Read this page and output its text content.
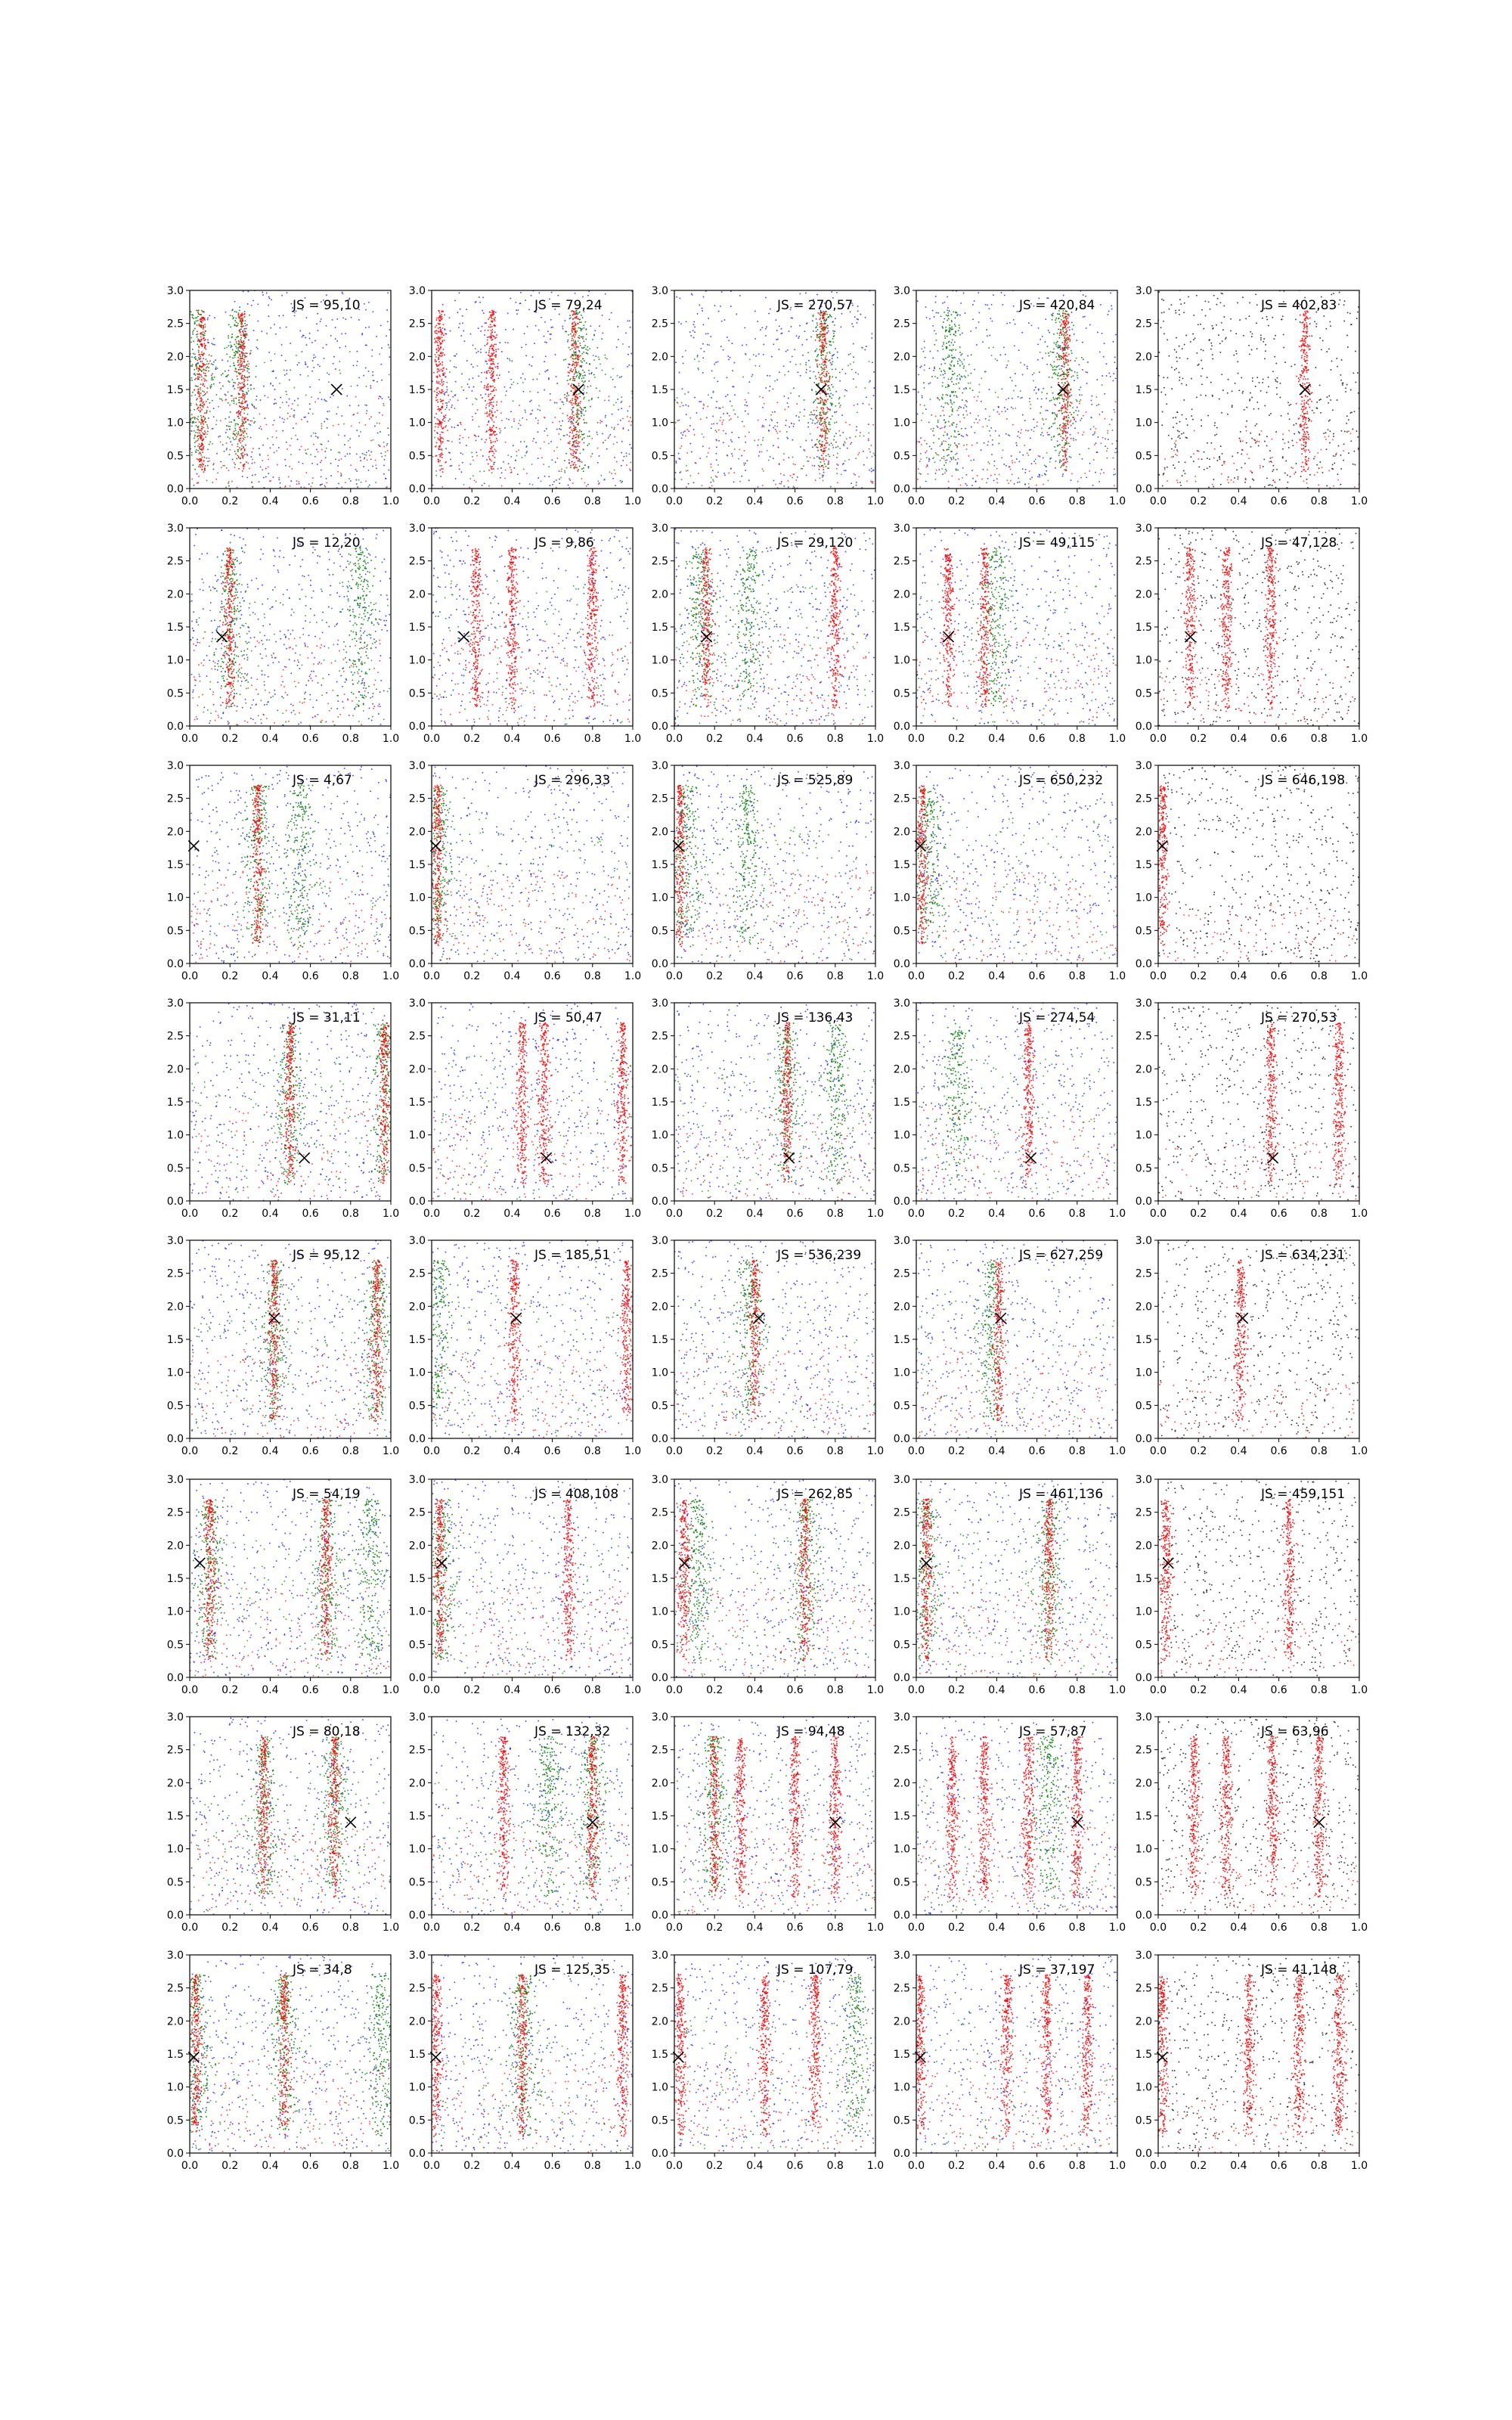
0.0 0.2 0.4 0.6 0.8 1.0
0.0
0.5
1.0
1.5
2.0
2.5
3.0
JS = 95,10
0.0 0.2 0.4 0.6 0.8 1.0
0.0
0.5
1.0
1.5
2.0
2.5
3.0
JS = 79,24
0.0 0.2 0.4 0.6 0.8 1.0
0.0
0.5
1.0
1.5
2.0
2.5
3.0
JS = 270,57
0.0 0.2 0.4 0.6 0.8 1.0
0.0
0.5
1.0
1.5
2.0
2.5
3.0
JS = 420,84
0.0 0.2 0.4 0.6 0.8 1.0
0.0
0.5
1.0
1.5
2.0
2.5
3.0
JS = 402,83
0.0 0.2 0.4 0.6 0.8 1.0
0.0
0.5
1.0
1.5
2.0
2.5
3.0
JS = 12,20
0.0 0.2 0.4 0.6 0.8 1.0
0.0
0.5
1.0
1.5
2.0
2.5
3.0
JS = 9,86
0.0 0.2 0.4 0.6 0.8 1.0
0.0
0.5
1.0
1.5
2.0
2.5
3.0
JS = 29,120
0.0 0.2 0.4 0.6 0.8 1.0
0.0
0.5
1.0
1.5
2.0
2.5
3.0
JS = 49,115
0.0 0.2 0.4 0.6 0.8 1.0
0.0
0.5
1.0
1.5
2.0
2.5
3.0
JS = 47,128
0.0 0.2 0.4 0.6 0.8 1.0
0.0
0.5
1.0
1.5
2.0
2.5
3.0
JS = 4,67
0.0 0.2 0.4 0.6 0.8 1.0
0.0
0.5
1.0
1.5
2.0
2.5
3.0
JS = 296,33
0.0 0.2 0.4 0.6 0.8 1.0
0.0
0.5
1.0
1.5
2.0
2.5
3.0
JS = 525,89
0.0 0.2 0.4 0.6 0.8 1.0
0.0
0.5
1.0
1.5
2.0
2.5
3.0
JS = 650,232
0.0 0.2 0.4 0.6 0.8 1.0
0.0
0.5
1.0
1.5
2.0
2.5
3.0
JS = 646,198
0.0 0.2 0.4 0.6 0.8 1.0
0.0
0.5
1.0
1.5
2.0
2.5
3.0
JS = 31,11
0.0 0.2 0.4 0.6 0.8 1.0
0.0
0.5
1.0
1.5
2.0
2.5
3.0
JS = 50,47
0.0 0.2 0.4 0.6 0.8 1.0
0.0
0.5
1.0
1.5
2.0
2.5
3.0
JS = 136,43
0.0 0.2 0.4 0.6 0.8 1.0
0.0
0.5
1.0
1.5
2.0
2.5
3.0
JS = 274,54
0.0 0.2 0.4 0.6 0.8 1.0
0.0
0.5
1.0
1.5
2.0
2.5
3.0
JS = 270,53
0.0 0.2 0.4 0.6 0.8 1.0
0.0
0.5
1.0
1.5
2.0
2.5
3.0
JS = 95,12
0.0 0.2 0.4 0.6 0.8 1.0
0.0
0.5
1.0
1.5
2.0
2.5
3.0
JS = 185,51
0.0 0.2 0.4 0.6 0.8 1.0
0.0
0.5
1.0
1.5
2.0
2.5
3.0
JS = 536,239
0.0 0.2 0.4 0.6 0.8 1.0
0.0
0.5
1.0
1.5
2.0
2.5
3.0
JS = 627,259
0.0 0.2 0.4 0.6 0.8 1.0
0.0
0.5
1.0
1.5
2.0
2.5
3.0
JS = 634,231
0.0 0.2 0.4 0.6 0.8 1.0
0.0
0.5
1.0
1.5
2.0
2.5
3.0
JS = 54,19
0.0 0.2 0.4 0.6 0.8 1.0
0.0
0.5
1.0
1.5
2.0
2.5
3.0
JS = 408,108
0.0 0.2 0.4 0.6 0.8 1.0
0.0
0.5
1.0
1.5
2.0
2.5
3.0
JS = 262,85
0.0 0.2 0.4 0.6 0.8 1.0
0.0
0.5
1.0
1.5
2.0
2.5
3.0
JS = 461,136
0.0 0.2 0.4 0.6 0.8 1.0
0.0
0.5
1.0
1.5
2.0
2.5
3.0
JS = 459,151
0.0 0.2 0.4 0.6 0.8 1.0
0.0
0.5
1.0
1.5
2.0
2.5
3.0
JS = 80,18
0.0 0.2 0.4 0.6 0.8 1.0
0.0
0.5
1.0
1.5
2.0
2.5
3.0
JS = 132,32
0.0 0.2 0.4 0.6 0.8 1.0
0.0
0.5
1.0
1.5
2.0
2.5
3.0
JS = 94,48
0.0 0.2 0.4 0.6 0.8 1.0
0.0
0.5
1.0
1.5
2.0
2.5
3.0
JS = 57,87
0.0 0.2 0.4 0.6 0.8 1.0
0.0
0.5
1.0
1.5
2.0
2.5
3.0
JS = 63,96
0.0 0.2 0.4 0.6 0.8 1.0
0.0
0.5
1.0
1.5
2.0
2.5
3.0
JS = 34,8
0.0 0.2 0.4 0.6 0.8 1.0
0.0
0.5
1.0
1.5
2.0
2.5
3.0
JS = 125,35
0.0 0.2 0.4 0.6 0.8 1.0
0.0
0.5
1.0
1.5
2.0
2.5
3.0
JS = 107,79
0.0 0.2 0.4 0.6 0.8 1.0
0.0
0.5
1.0
1.5
2.0
2.5
3.0
JS = 37,197
0.0 0.2 0.4 0.6 0.8 1.0
0.0
0.5
1.0
1.5
2.0
2.5
3.0
JS = 41,148
